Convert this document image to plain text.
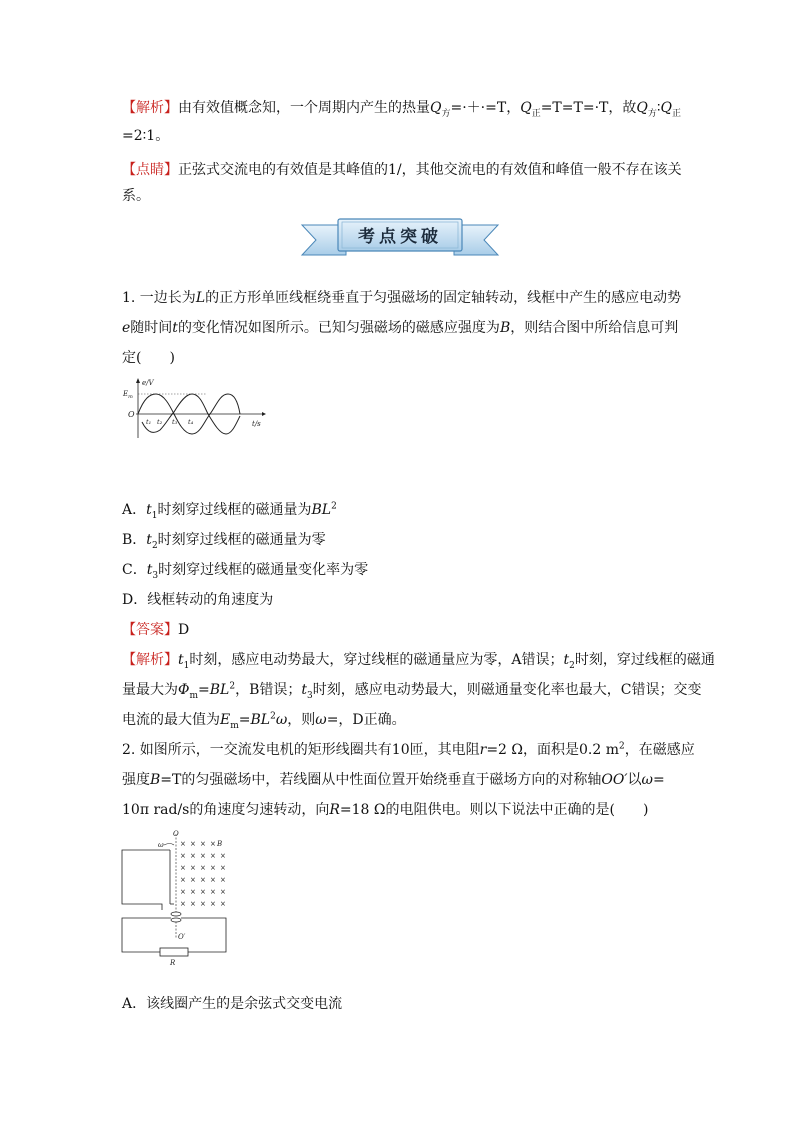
【解析】由有效值概念知，一个周期内产生的热量$Q_方=\cdot+\cdot=T$，$Q_正=T=T=\cdot T$，故$Q_方∶Q_正$
=2∶1。
【点睛】正弦式交流电的有效值是其峰值的1/，其他交流电的有效值和峰值一般不存在该关
系。
考点突破
1. 一边长为L的正方形单匝线框绕垂直于匀强磁场的固定轴转动，线框中产生的感应电动势
e随时间t的变化情况如图所示。已知匀强磁场的磁感应强度为B，则结合图中所给信息可判
定(　　)
e/V
$E_m$
O
t/s
t₁ t₂ t₃ t₄
A．$t_1$时刻穿过线框的磁通量为$BL^2$
B．$t_2$时刻穿过线框的磁通量为零
C．$t_3$时刻穿过线框的磁通量变化率为零
D．线框转动的角速度为
【答案】D
【解析】$t_1$时刻，感应电动势最大，穿过线框的磁通量应为零，A错误；$t_2$时刻，穿过线框的磁通
量最大为$\Phi_m=BL^2$，B错误；$t_3$时刻，感应电动势最大，则磁通量变化率也最大，C错误；交变
电流的最大值为$E_m=BL^2\omega$，则ω=，D正确。
2. 如图所示，一交流发电机的矩形线圈共有10匝，其电阻r=2 Ω，面积是0.2 $m^2$，在磁感应
强度B=T的匀强磁场中，若线圈从中性面位置开始绕垂直于磁场方向的对称轴OO′以ω=
10π rad/s的角速度匀速转动，向R=18 Ω的电阻供电。则以下说法中正确的是(　　)
R
O
O′
ω	B
× × × ×
× × × × ×
× × × × ×
× × × × ×
× × × × ×
× × × × ×
A．该线圈产生的是余弦式交变电流
